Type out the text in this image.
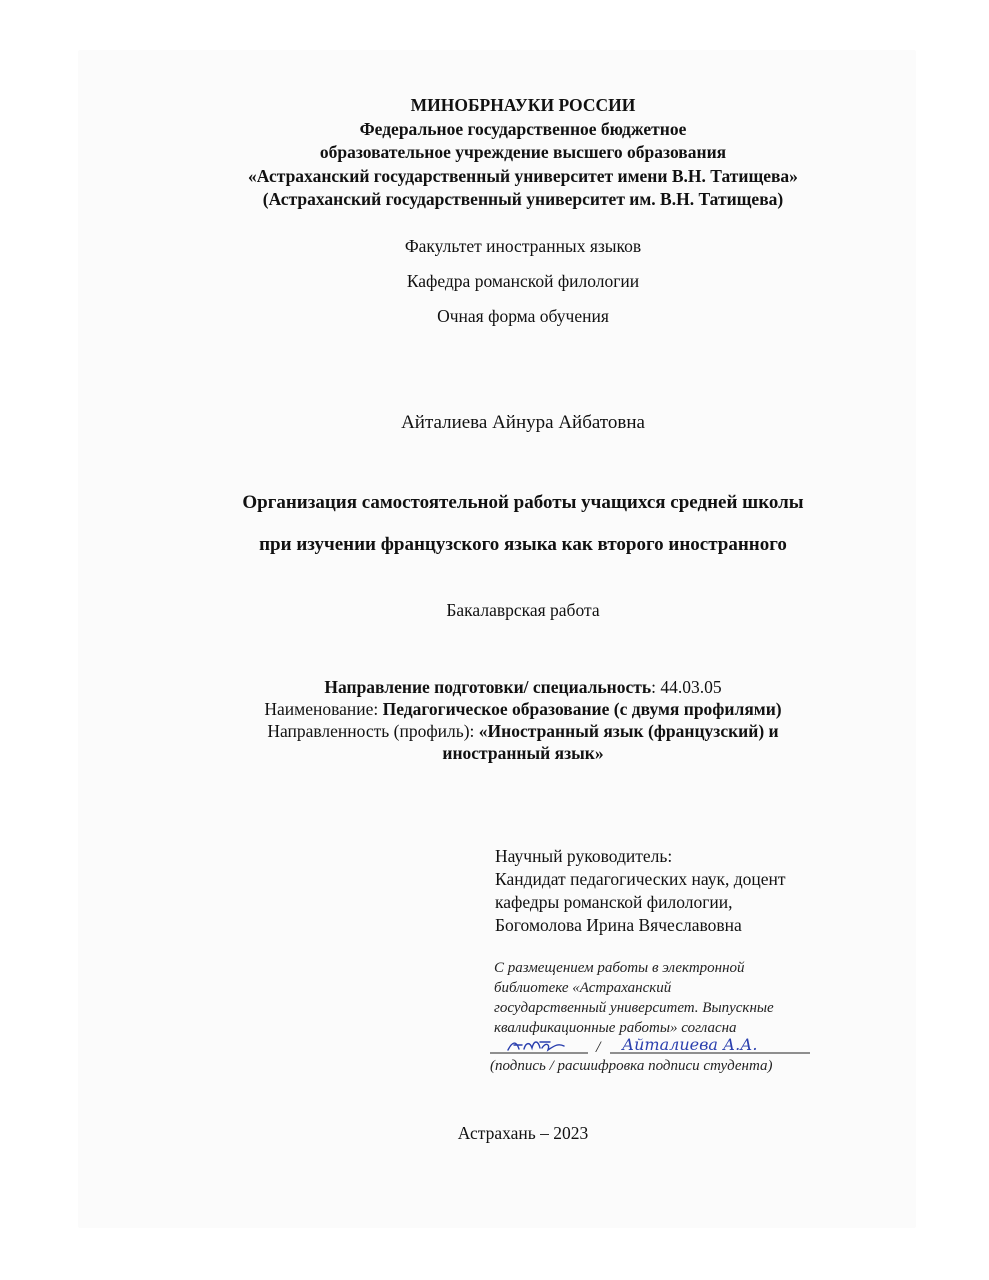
МИНОБРНАУКИ РОССИИ
Федеральное государственное бюджетное
образовательное учреждение высшего образования
«Астраханский государственный университет имени В.Н. Татищева»
(Астраханский государственный университет им. В.Н. Татищева)
Факультет иностранных языков
Кафедра романской филологии
Очная форма обучения
Айталиева Айнура Айбатовна
Организация самостоятельной работы учащихся средней школы
при изучении французского языка как второго иностранного
Бакалаврская работа
Направление подготовки/ специальность: 44.03.05
Наименование: Педагогическое образование (с двумя профилями)
Направленность (профиль): «Иностранный язык (французский) и
иностранный язык»
Научный руководитель:
Кандидат педагогических наук, доцент
кафедры романской филологии,
Богомолова Ирина Вячеславовна
С размещением работы в электронной
библиотеке «Астраханский
государственный университет. Выпускные
квалификационные работы» согласна
/ Айталиева А.А.
(подпись / расшифровка подписи студента)
Астрахань – 2023
